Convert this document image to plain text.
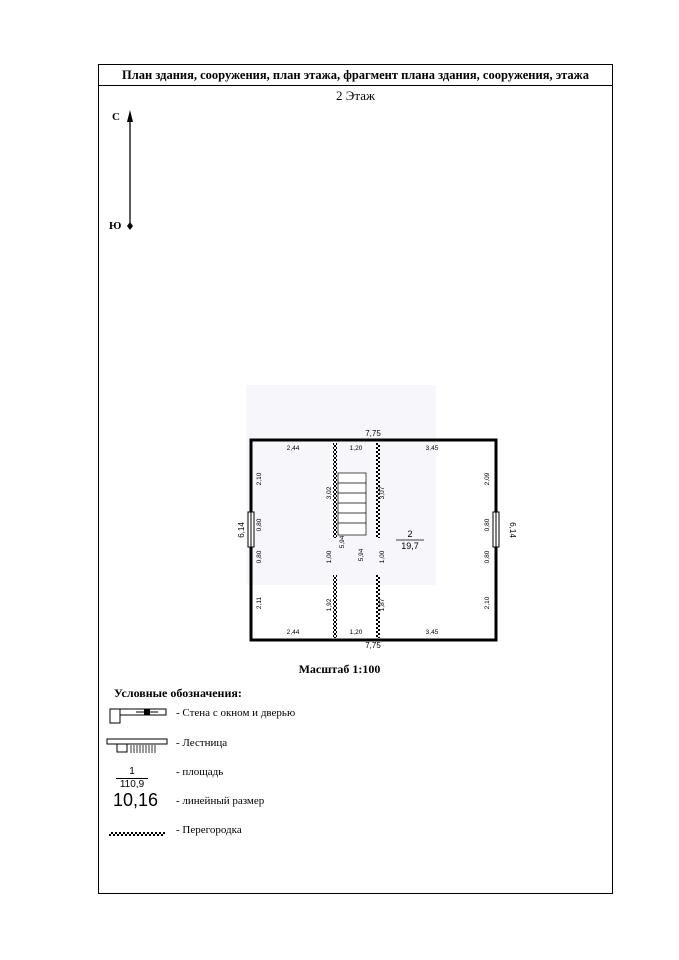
План здания, сооружения, план этажа, фрагмент плана здания, сооружения, этажа
2 Этаж
С
Ю
7,75
7,75
2,44	1,20	3,45
2,44	1,20	3,45
6,14	6,14
2,10
0,80
0,80
2,11
2,09
0,80
0,80
2,10
3,02	3,07
1,00	1,00
5,94
5,94
1,92	1,87
2
19,7
Масштаб 1:100
Условные обозначения:
- Стена с окном и дверью
- Лестница
1
110,9
- площадь
10,16 - линейный размер
- Перегородка
